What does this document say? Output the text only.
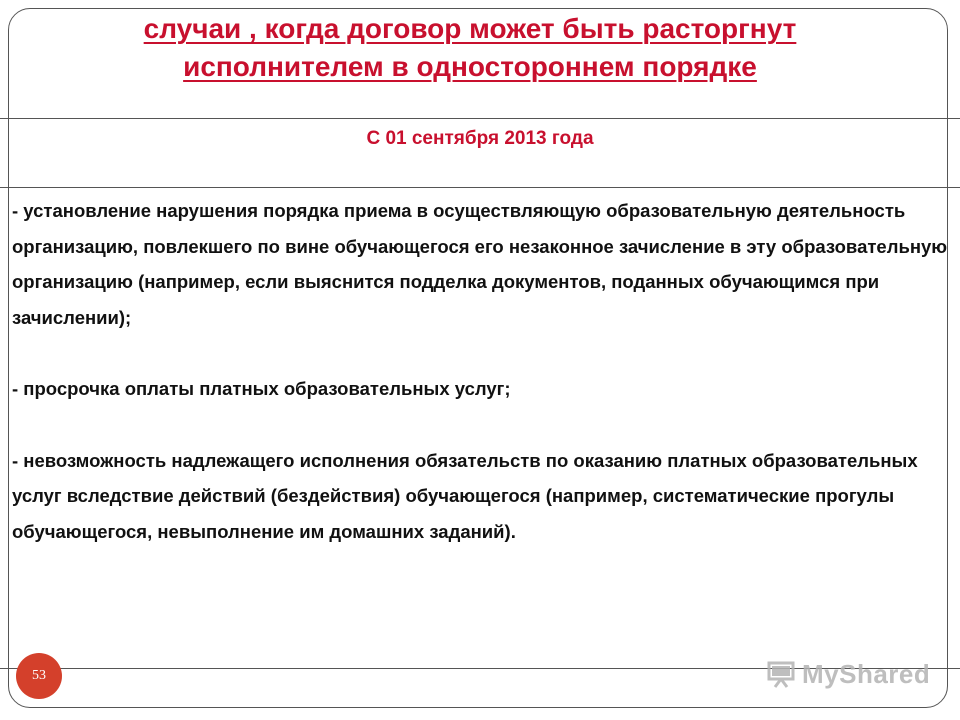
случаи , когда договор может быть расторгнут исполнителем в одностороннем порядке
С 01 сентября 2013 года

- установление нарушения порядка приема в осуществляющую образовательную деятельность организацию, повлекшего по вине обучающегося его незаконное зачисление в эту образовательную организацию (например, если выяснится подделка документов, поданных обучающимся при зачислении);

- просрочка оплаты платных образовательных услуг;

- невозможность надлежащего исполнения обязательств по оказанию платных образовательных услуг вследствие действий (бездействия) обучающегося (например, систематические прогулы обучающегося, невыполнение им домашних заданий).

53	MyShared
